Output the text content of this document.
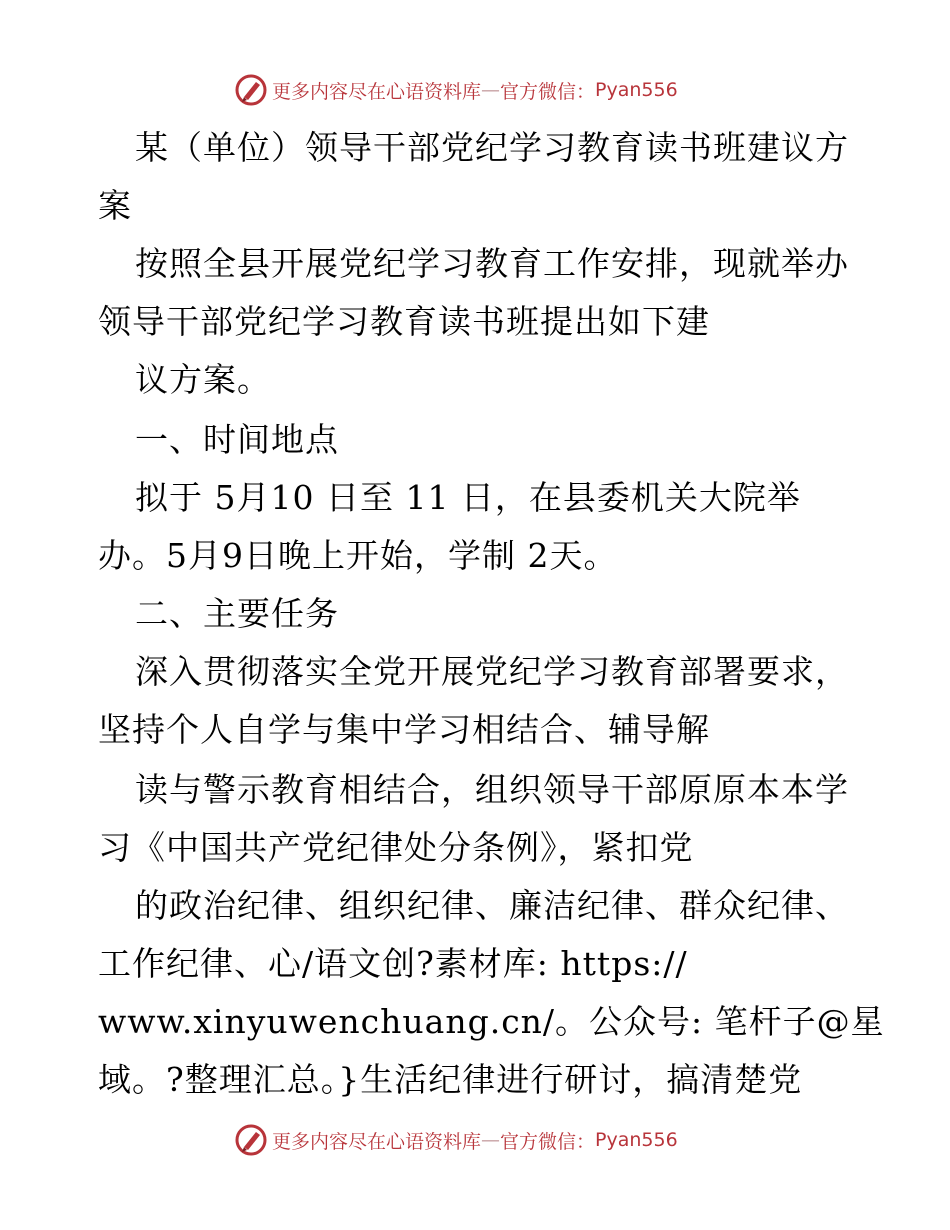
更多内容尽在心语资料库 — 官方微信： Pyan556
某（单位）领导干部党纪学习教育读书班建议方
案
按照全县开展党纪学习教育工作安排，现就举办
领导干部党纪学习教育读书班提出如下建
议方案。
一、时间地点
拟于 5月10 日至 11 日，在县委机关大院举
办。5月9日晚上开始，学制 2天。
二、主要任务
深入贯彻落实全党开展党纪学习教育部署要求，
坚持个人自学与集中学习相结合、辅导解
读与警示教育相结合，组织领导干部原原本本学
习《中国共产党纪律处分条例》，紧扣党
的政治纪律、组织纪律、廉洁纪律、群众纪律、
工作纪律、心/语文创?素材库: https://
www.xinyuwenchuang.cn/。公众号: 笔杆子@星
域。?整理汇总。}生活纪律进行研讨，搞清楚党
更多内容尽在心语资料库 — 官方微信： Pyan556
